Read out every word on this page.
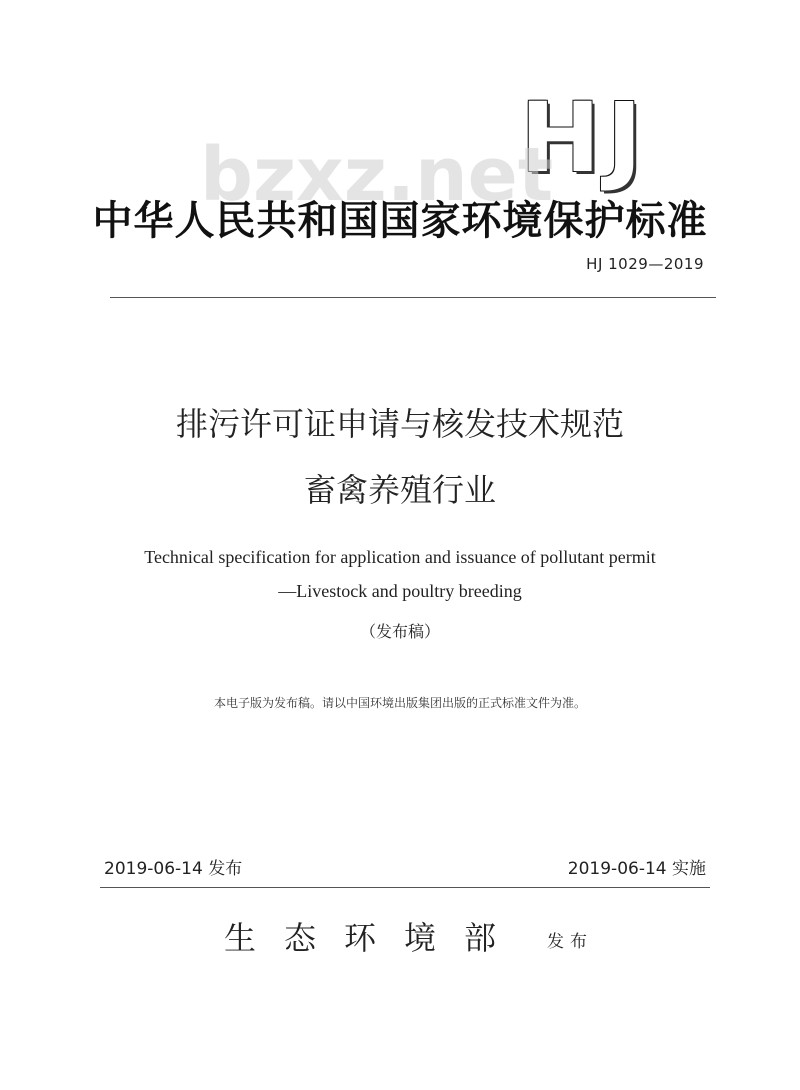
HJ
bzxz.net
中华人民共和国国家环境保护标准
HJ 1029—2019
排污许可证申请与核发技术规范
畜禽养殖行业
Technical specification for application and issuance of pollutant permit
—Livestock and poultry breeding
（发布稿）
本电子版为发布稿。请以中国环境出版集团出版的正式标准文件为准。
2019-06-14 发布	2019-06-14 实施
生态环境部 发布
